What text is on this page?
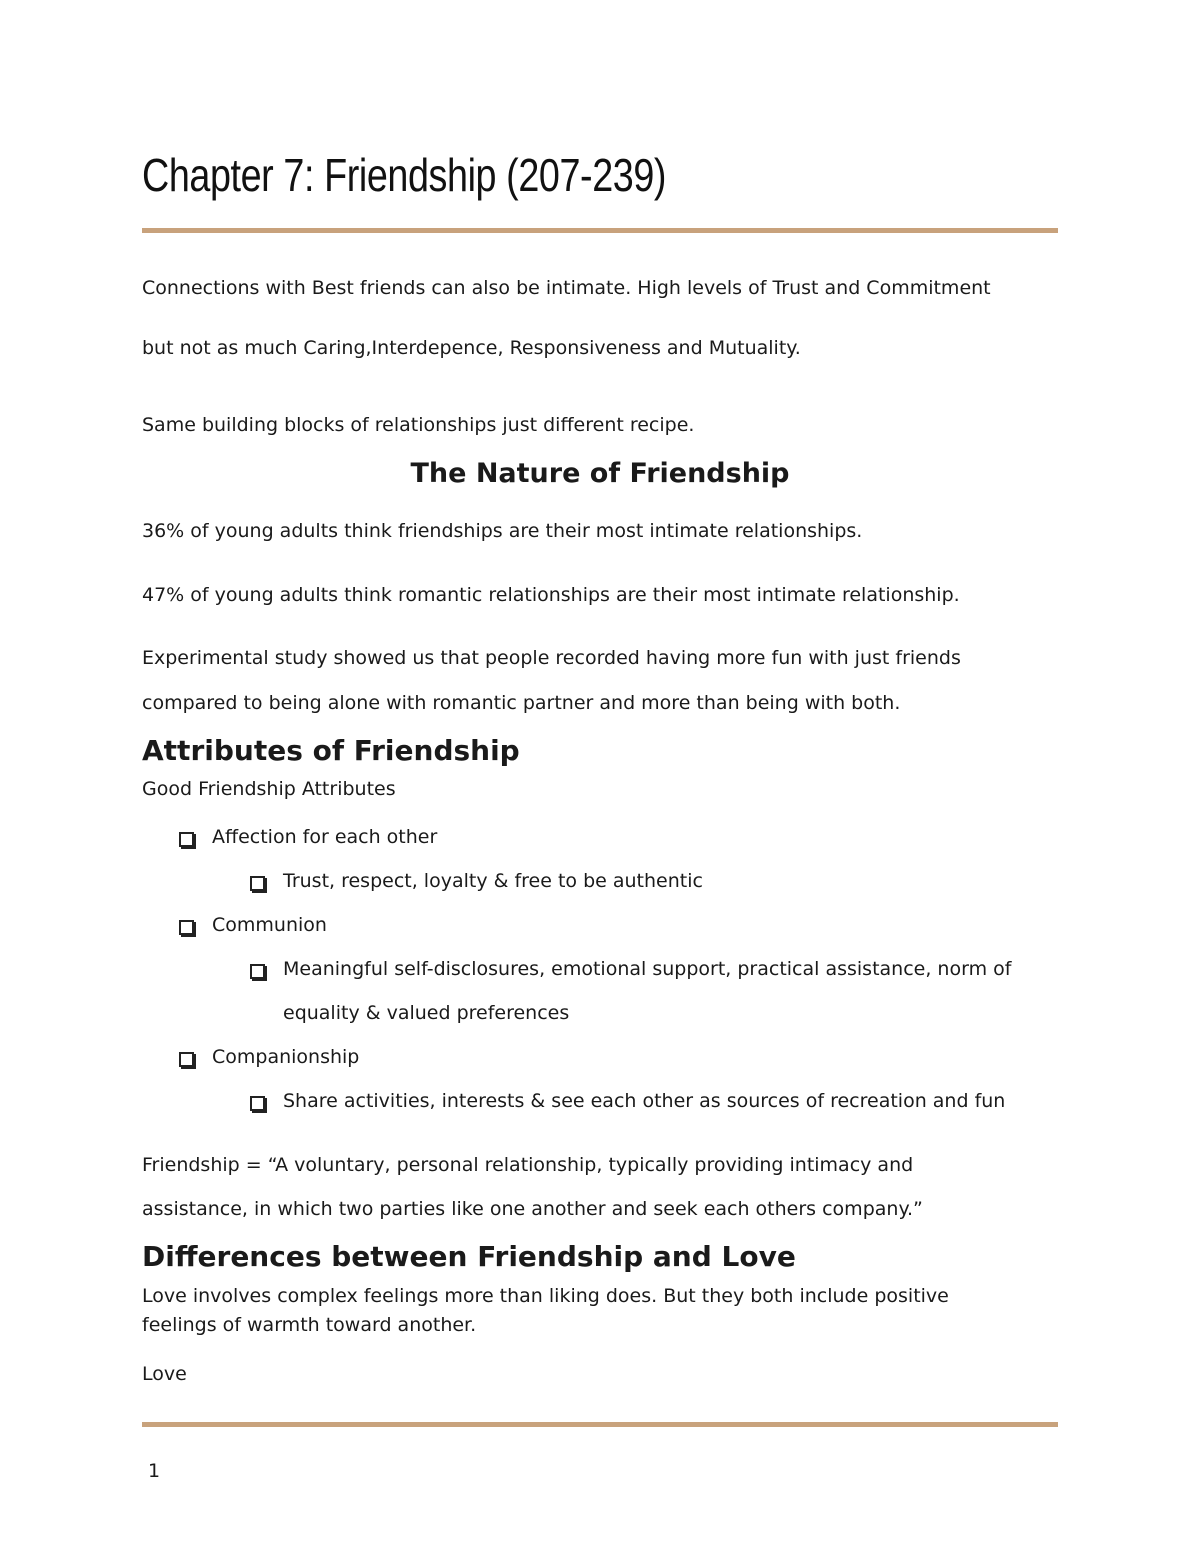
Chapter 7: Friendship (207-239)

Connections with Best friends can also be intimate. High levels of Trust and Commitment

but not as much Caring,Interdepence, Responsiveness and Mutuality.

Same building blocks of relationships just different recipe.

The Nature of Friendship

36% of young adults think friendships are their most intimate relationships.

47% of young adults think romantic relationships are their most intimate relationship.

Experimental study showed us that people recorded having more fun with just friends

compared to being alone with romantic partner and more than being with both.

Attributes of Friendship

Good Friendship Attributes

Affection for each other

Trust, respect, loyalty & free to be authentic

Communion

Meaningful self-disclosures, emotional support, practical assistance, norm of

equality & valued preferences

Companionship

Share activities, interests & see each other as sources of recreation and fun

Friendship = “A voluntary, personal relationship, typically providing intimacy and

assistance, in which two parties like one another and seek each others company.”

Differences between Friendship and Love

Love involves complex feelings more than liking does. But they both include positive

feelings of warmth toward another.

Love

1
